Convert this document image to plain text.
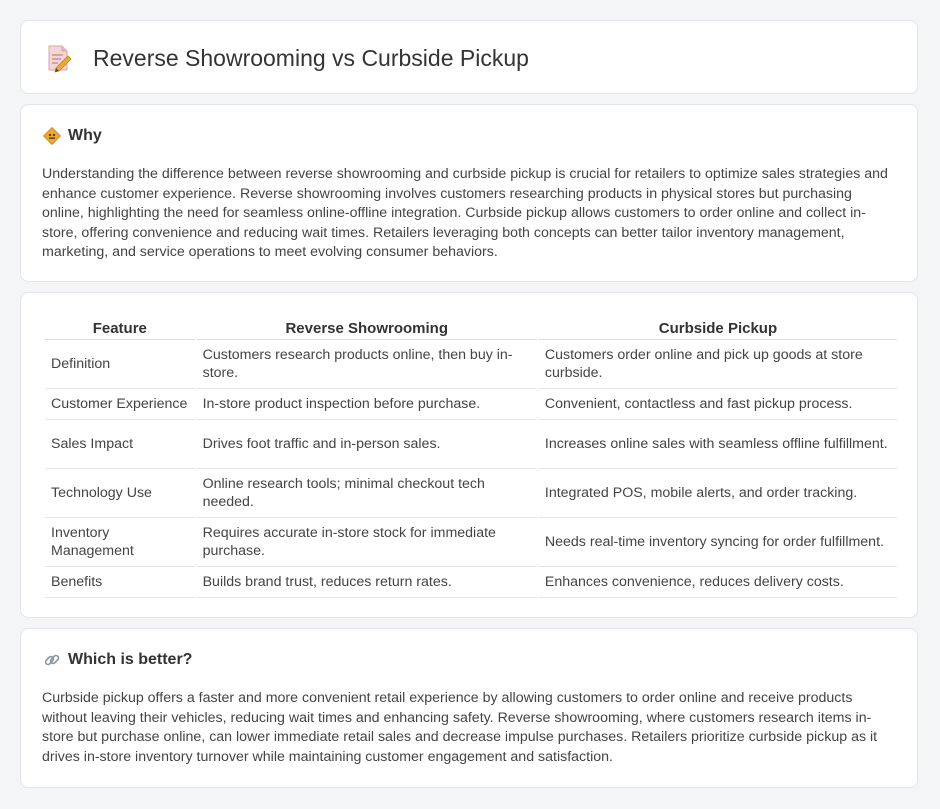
Reverse Showrooming vs Curbside Pickup
Why

Understanding the difference between reverse showrooming and curbside pickup is crucial for retailers to optimize sales strategies and enhance customer experience. Reverse showrooming involves customers researching products in physical stores but purchasing online, highlighting the need for seamless online-offline integration. Curbside pickup allows customers to order online and collect in-store, offering convenience and reducing wait times. Retailers leveraging both concepts can better tailor inventory management, marketing, and service operations to meet evolving consumer behaviors.

Feature	Reverse Showrooming	Curbside Pickup
Definition	Customers research products online, then buy in-store.	Customers order online and pick up goods at store curbside.
Customer Experience	In-store product inspection before purchase.	Convenient, contactless and fast pickup process.
Sales Impact	Drives foot traffic and in-person sales.	Increases online sales with seamless offline fulfillment.
Technology Use	Online research tools; minimal checkout tech needed.	Integrated POS, mobile alerts, and order tracking.
Inventory Management	Requires accurate in-store stock for immediate purchase.	Needs real-time inventory syncing for order fulfillment.
Benefits	Builds brand trust, reduces return rates.	Enhances convenience, reduces delivery costs.
Which is better?

Curbside pickup offers a faster and more convenient retail experience by allowing customers to order online and receive products without leaving their vehicles, reducing wait times and enhancing safety. Reverse showrooming, where customers research items in-store but purchase online, can lower immediate retail sales and decrease impulse purchases. Retailers prioritize curbside pickup as it drives in-store inventory turnover while maintaining customer engagement and satisfaction.
